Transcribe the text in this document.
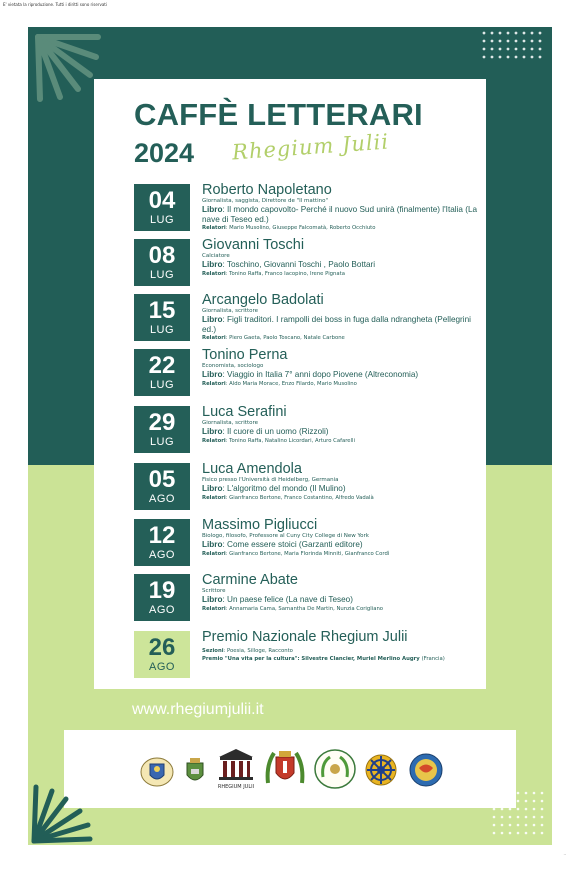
E' vietata la riproduzione. Tutti i diritti sono riservati
CAFFÈ LETTERARI
2024 Rhegium Julii
04
LUG
Roberto Napoletano
Giornalista, saggista, Direttore de "Il mattino"
Libro: Il mondo capovolto- Perché il nuovo Sud unirà (finalmente) l'Italia (La nave di Teseo ed.)
Relatori: Mario Musolino, Giuseppe Falcomatà, Roberto Occhiuto
08
LUG
Giovanni Toschi
Calciatore
Libro: Toschino, Giovanni Toschi , Paolo Bottari
Relatori: Tonino Raffa, Franco Iacopino, Irene Pignata
15
LUG
Arcangelo Badolati
Giornalista, scrittore
Libro: Figli traditori. I rampolli dei boss in fuga dalla ndrangheta (Pellegrini ed.)
Relatori: Piero Gaeta, Paolo Toscano, Natale Carbone
22
LUG
Tonino Perna
Economista, sociologo
Libro: Viaggio in Italia 7° anni dopo Piovene (Altreconomia)
Relatori: Aldo Maria Morace, Enzo Filardo, Mario Musolino
29
LUG
Luca Serafini
Giornalista, scrittore
Libro: Il cuore di un uomo (Rizzoli)
Relatori: Tonino Raffa, Natalino Licordari, Arturo Cafarelli
05
AGO
Luca Amendola
Fisico presso l'Università di Heidelberg, Germania
Libro: L'algoritmo del mondo (Il Mulino)
Relatori: Gianfranco Bertone, Franco Costantino, Alfredo Vadalà
12
AGO
Massimo Pigliucci
Biologo, filosofo, Professore al Cuny City College di New York
Libro: Come essere stoici (Garzanti editore)
Relatori: Gianfranco Bertone, Maria Florinda Minniti, Gianfranco Cordì
19
AGO
Carmine Abate
Scrittore
Libro: Un paese felice (La nave di Teseo)
Relatori: Annamaria Cama, Samantha De Martin, Nunzia Corigliano
26
AGO
Premio Nazionale Rhegium Julii
Sezioni: Poesia, Silloge, Racconto
Premio "Una vita per la cultura": Silvestre Clancier, Muriel Merlino Augry (Francia)
www.rhegiumjulii.it
RHEGIUM JULII
..
